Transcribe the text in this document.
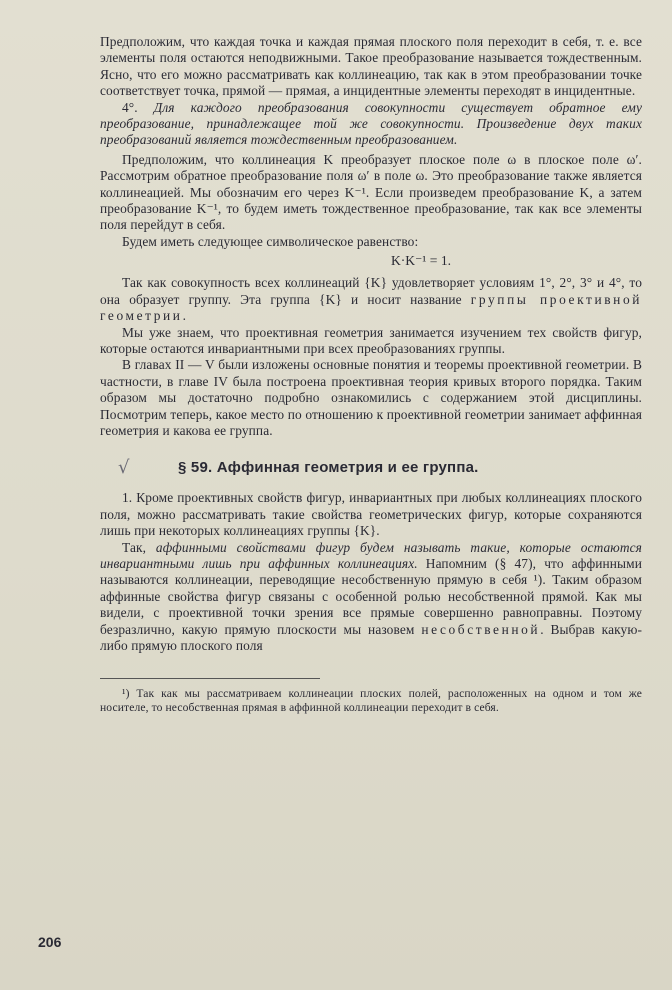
Предположим, что каждая точка и каждая прямая плоского поля переходит в себя, т. е. все элементы поля остаются неподвижными. Такое преобразование называется тождественным. Ясно, что его можно рассматривать как коллинеацию, так как в этом преобразовании точке соответствует точка, прямой — прямая, а инцидентные элементы переходят в инцидентные.

4°. Для каждого преобразования совокупности существует обратное ему преобразование, принадлежащее той же совокупности. Произведение двух таких преобразований является тождественным преобразованием.

Предположим, что коллинеация K преобразует плоское поле ω в плоское поле ω′. Рассмотрим обратное преобразование поля ω′ в поле ω. Это преобразование также является коллинеацией. Мы обозначим его через K⁻¹. Если произведем преобразование K, а затем преобразование K⁻¹, то будем иметь тождественное преобразование, так как все элементы поля перейдут в себя.

Будем иметь следующее символическое равенство:

K·K⁻¹ = 1.

Так как совокупность всех коллинеаций {K} удовлетворяет условиям 1°, 2°, 3° и 4°, то она образует группу. Эта группа {K} и носит название группы проективной геометрии.

Мы уже знаем, что проективная геометрия занимается изучением тех свойств фигур, которые остаются инвариантными при всех преобразованиях группы.

В главах II — V были изложены основные понятия и теоремы проективной геометрии. В частности, в главе IV была построена проективная теория кривых второго порядка. Таким образом мы достаточно подробно ознакомились с содержанием этой дисциплины. Посмотрим теперь, какое место по отношению к проективной геометрии занимает аффинная геометрия и какова ее группа.

√	§ 59. Аффинная геометрия и ее группа.

1. Кроме проективных свойств фигур, инвариантных при любых коллинеациях плоского поля, можно рассматривать такие свойства геометрических фигур, которые сохраняются лишь при некоторых коллинеациях группы {K}.

Так, аффинными свойствами фигур будем называть такие, которые остаются инвариантными лишь при аффинных коллинеациях. Напомним (§ 47), что аффинными называются коллинеации, переводящие несобственную прямую в себя ¹). Таким образом аффинные свойства фигур связаны с особенной ролью несобственной прямой. Как мы видели, с проективной точки зрения все прямые совершенно равноправны. Поэтому безразлично, какую прямую плоскости мы назовем несобственной. Выбрав какую-либо прямую плоского поля

¹) Так как мы рассматриваем коллинеации плоских полей, расположенных на одном и том же носителе, то несобственная прямая в аффинной коллинеации переходит в себя.

206
